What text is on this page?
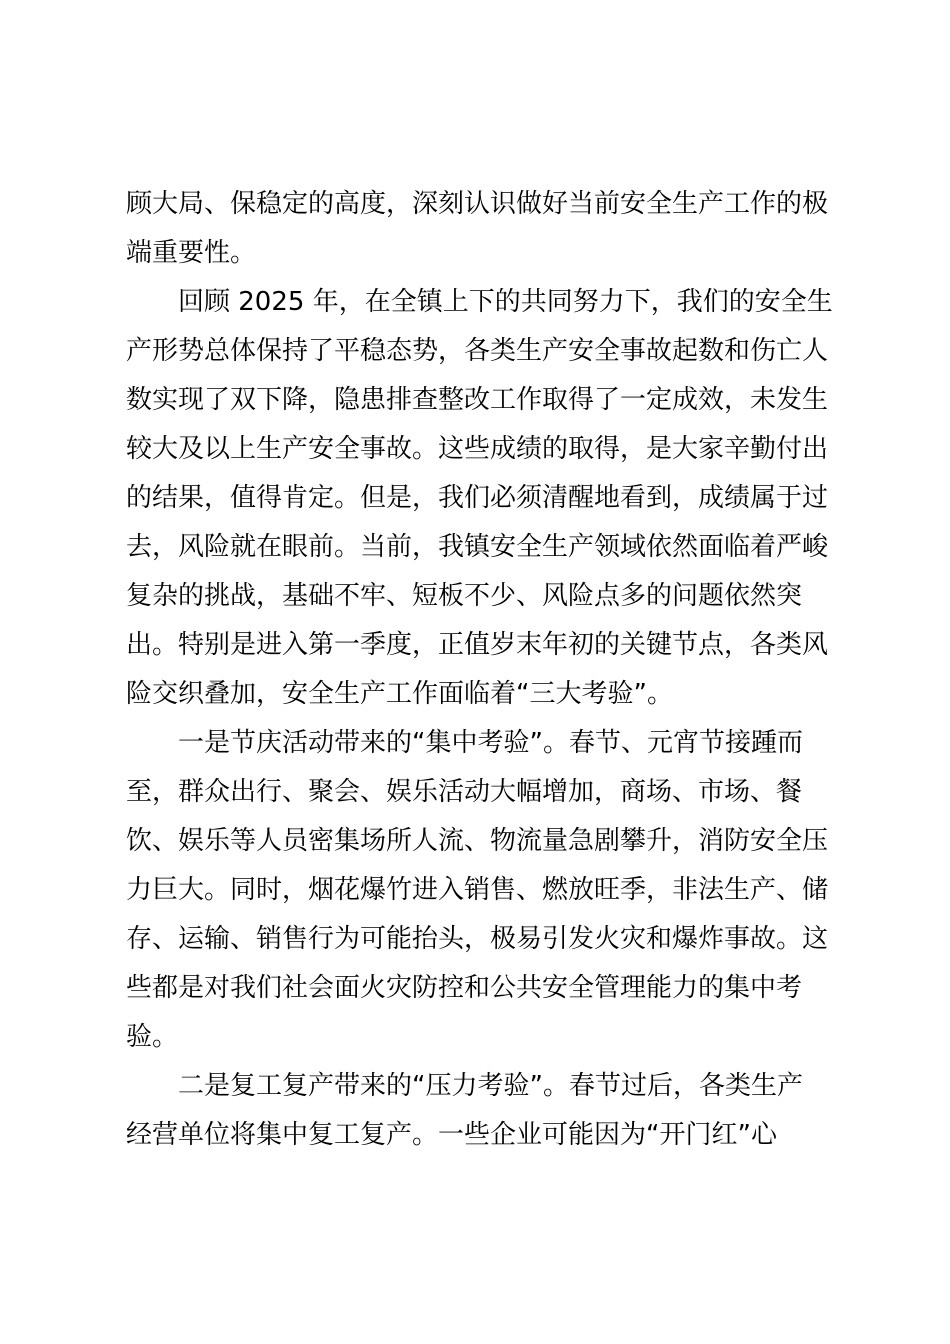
顾大局、保稳定的高度，深刻认识做好当前安全生产工作的极
端重要性。
回顾 2025 年，在全镇上下的共同努力下，我们的安全生
产形势总体保持了平稳态势，各类生产安全事故起数和伤亡人
数实现了双下降，隐患排查整改工作取得了一定成效，未发生
较大及以上生产安全事故。这些成绩的取得，是大家辛勤付出
的结果，值得肯定。但是，我们必须清醒地看到，成绩属于过
去，风险就在眼前。当前，我镇安全生产领域依然面临着严峻
复杂的挑战，基础不牢、短板不少、风险点多的问题依然突
出。特别是进入第一季度，正值岁末年初的关键节点，各类风
险交织叠加，安全生产工作面临着“三大考验”。
一是节庆活动带来的“集中考验”。春节、元宵节接踵而
至，群众出行、聚会、娱乐活动大幅增加，商场、市场、餐
饮、娱乐等人员密集场所人流、物流量急剧攀升，消防安全压
力巨大。同时，烟花爆竹进入销售、燃放旺季，非法生产、储
存、运输、销售行为可能抬头，极易引发火灾和爆炸事故。这
些都是对我们社会面火灾防控和公共安全管理能力的集中考
验。
二是复工复产带来的“压力考验”。春节过后，各类生产
经营单位将集中复工复产。一些企业可能因为“开门红”心
